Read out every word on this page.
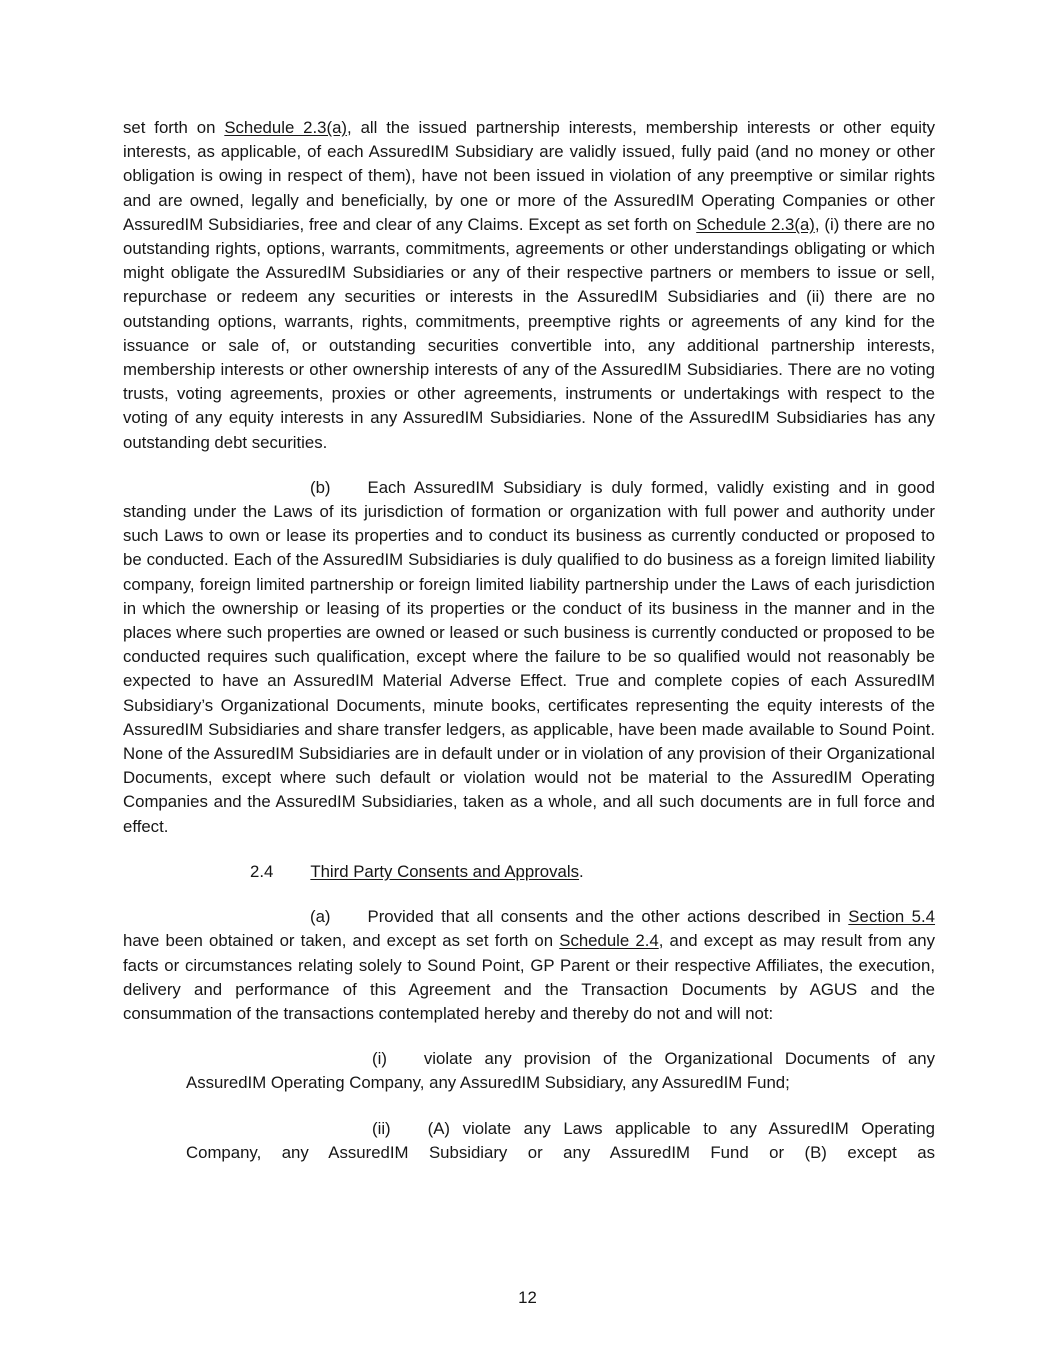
set forth on Schedule 2.3(a), all the issued partnership interests, membership interests or other equity interests, as applicable, of each AssuredIM Subsidiary are validly issued, fully paid (and no money or other obligation is owing in respect of them), have not been issued in violation of any preemptive or similar rights and are owned, legally and beneficially, by one or more of the AssuredIM Operating Companies or other AssuredIM Subsidiaries, free and clear of any Claims. Except as set forth on Schedule 2.3(a), (i) there are no outstanding rights, options, warrants, commitments, agreements or other understandings obligating or which might obligate the AssuredIM Subsidiaries or any of their respective partners or members to issue or sell, repurchase or redeem any securities or interests in the AssuredIM Subsidiaries and (ii) there are no outstanding options, warrants, rights, commitments, preemptive rights or agreements of any kind for the issuance or sale of, or outstanding securities convertible into, any additional partnership interests, membership interests or other ownership interests of any of the AssuredIM Subsidiaries. There are no voting trusts, voting agreements, proxies or other agreements, instruments or undertakings with respect to the voting of any equity interests in any AssuredIM Subsidiaries. None of the AssuredIM Subsidiaries has any outstanding debt securities.

(b) Each AssuredIM Subsidiary is duly formed, validly existing and in good standing under the Laws of its jurisdiction of formation or organization with full power and authority under such Laws to own or lease its properties and to conduct its business as currently conducted or proposed to be conducted. Each of the AssuredIM Subsidiaries is duly qualified to do business as a foreign limited liability company, foreign limited partnership or foreign limited liability partnership under the Laws of each jurisdiction in which the ownership or leasing of its properties or the conduct of its business in the manner and in the places where such properties are owned or leased or such business is currently conducted or proposed to be conducted requires such qualification, except where the failure to be so qualified would not reasonably be expected to have an AssuredIM Material Adverse Effect. True and complete copies of each AssuredIM Subsidiary’s Organizational Documents, minute books, certificates representing the equity interests of the AssuredIM Subsidiaries and share transfer ledgers, as applicable, have been made available to Sound Point. None of the AssuredIM Subsidiaries are in default under or in violation of any provision of their Organizational Documents, except where such default or violation would not be material to the AssuredIM Operating Companies and the AssuredIM Subsidiaries, taken as a whole, and all such documents are in full force and effect.

2.4 Third Party Consents and Approvals.

(a) Provided that all consents and the other actions described in Section 5.4 have been obtained or taken, and except as set forth on Schedule 2.4, and except as may result from any facts or circumstances relating solely to Sound Point, GP Parent or their respective Affiliates, the execution, delivery and performance of this Agreement and the Transaction Documents by AGUS and the consummation of the transactions contemplated hereby and thereby do not and will not:

(i) violate any provision of the Organizational Documents of any AssuredIM Operating Company, any AssuredIM Subsidiary, any AssuredIM Fund;

(ii) (A) violate any Laws applicable to any AssuredIM Operating Company, any AssuredIM Subsidiary or any AssuredIM Fund or (B) except as

12
